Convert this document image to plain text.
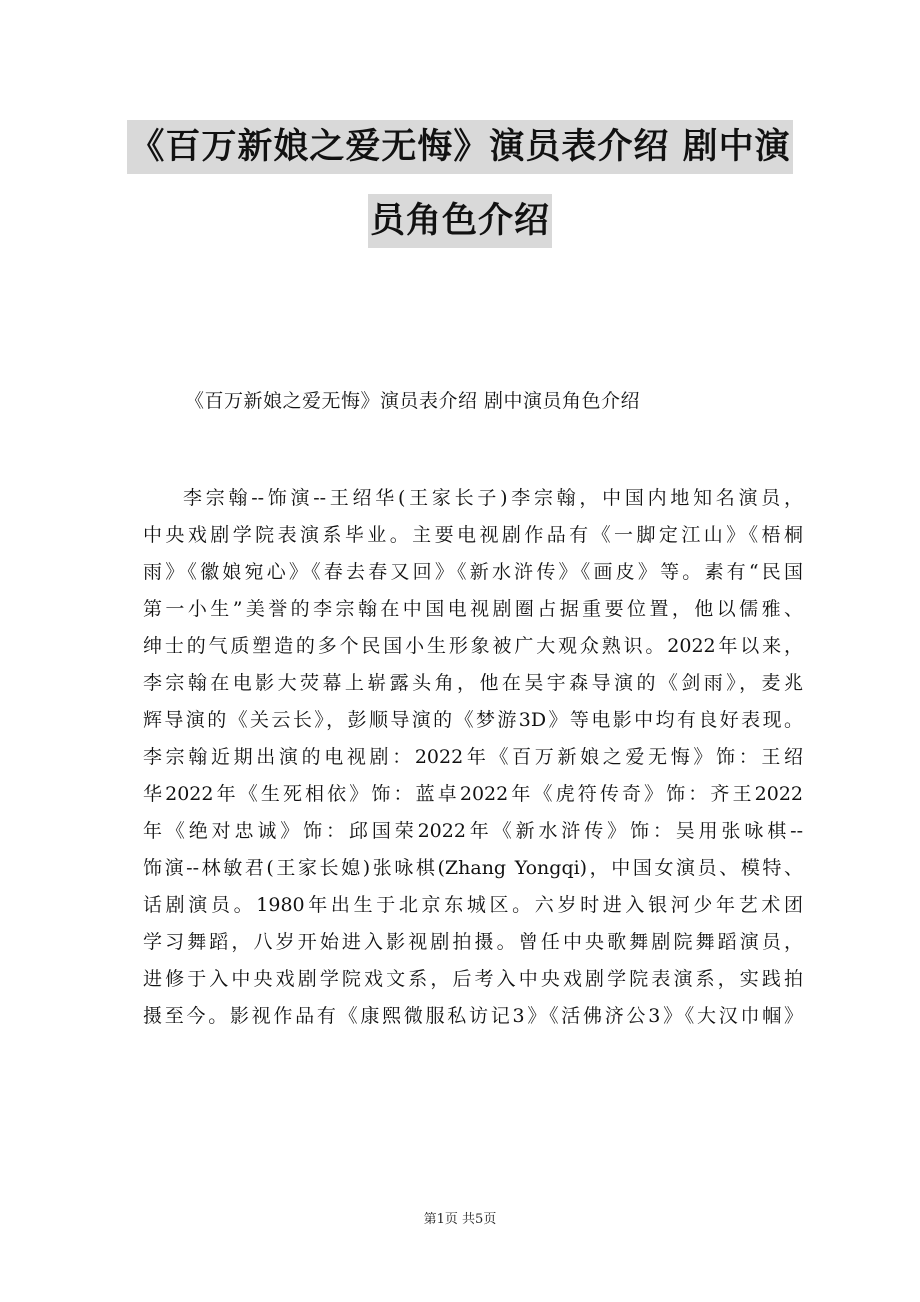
《百万新娘之爱无悔》演员表介绍 剧中演
员角色介绍
《百万新娘之爱无悔》演员表介绍 剧中演员角色介绍
李宗翰--饰演--王绍华(王家长子)李宗翰，中国内地知名演员，
中央戏剧学院表演系毕业。主要电视剧作品有《一脚定江山》《梧桐
雨》《徽娘宛心》《春去春又回》《新水浒传》《画皮》等。素有“民国
第一小生”美誉的李宗翰在中国电视剧圈占据重要位置，他以儒雅、
绅士的气质塑造的多个民国小生形象被广大观众熟识。2022年以来，
李宗翰在电影大荧幕上崭露头角，他在吴宇森导演的《剑雨》，麦兆
辉导演的《关云长》，彭顺导演的《梦游3D》等电影中均有良好表现。
李宗翰近期出演的电视剧：2022年《百万新娘之爱无悔》饰：王绍
华2022年《生死相依》饰：蓝卓2022年《虎符传奇》饰：齐王2022
年《绝对忠诚》饰：邱国荣2022年《新水浒传》饰：吴用张咏棋--
饰演--林敏君(王家长媳)张咏棋(Zhang Yongqi)，中国女演员、模特、
话剧演员。1980年出生于北京东城区。六岁时进入银河少年艺术团
学习舞蹈，八岁开始进入影视剧拍摄。曾任中央歌舞剧院舞蹈演员，
进修于入中央戏剧学院戏文系，后考入中央戏剧学院表演系，实践拍
摄至今。影视作品有《康熙微服私访记3》《活佛济公3》《大汉巾帼》
第1页 共5页
